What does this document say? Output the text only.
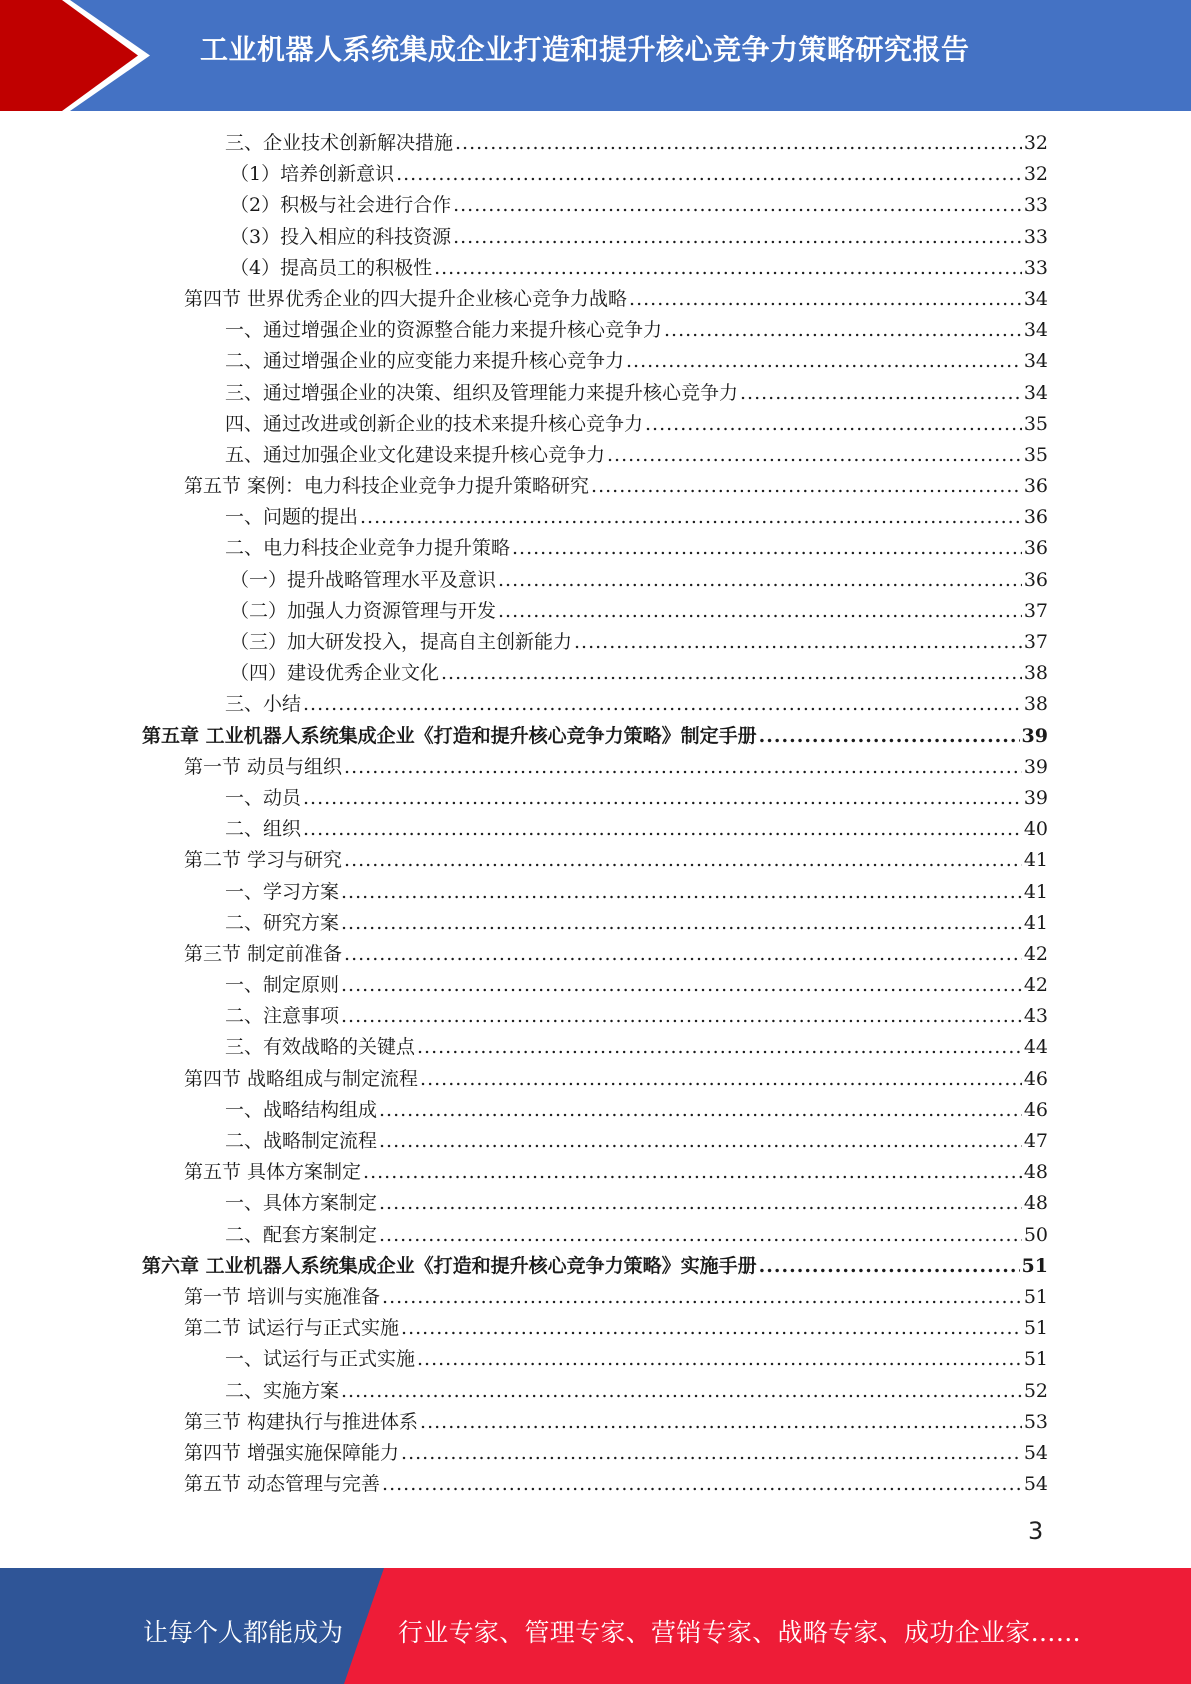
工业机器人系统集成企业打造和提升核心竞争力策略研究报告
三、企业技术创新解决措施 .....	32
（1）培养创新意识 .....	32
（2）积极与社会进行合作 .....	33
（3）投入相应的科技资源 .....	33
（4）提高员工的积极性 .....	33
第四节 世界优秀企业的四大提升企业核心竞争力战略 .....	34
一、通过增强企业的资源整合能力来提升核心竞争力 .....	34
二、通过增强企业的应变能力来提升核心竞争力 .....	34
三、通过增强企业的决策、组织及管理能力来提升核心竞争力 .....	34
四、通过改进或创新企业的技术来提升核心竞争力 .....	35
五、通过加强企业文化建设来提升核心竞争力 .....	35
第五节 案例：电力科技企业竞争力提升策略研究 .....	36
一、问题的提出 .....	36
二、电力科技企业竞争力提升策略 .....	36
（一）提升战略管理水平及意识 .....	36
（二）加强人力资源管理与开发 .....	37
（三）加大研发投入，提高自主创新能力 .....	37
（四）建设优秀企业文化 .....	38
三、小结 .....	38
第五章 工业机器人系统集成企业《打造和提升核心竞争力策略》制定手册 .....	39
第一节 动员与组织 .....	39
一、动员 .....	39
二、组织 .....	40
第二节 学习与研究 .....	41
一、学习方案 .....	41
二、研究方案 .....	41
第三节 制定前准备 .....	42
一、制定原则 .....	42
二、注意事项 .....	43
三、有效战略的关键点 .....	44
第四节 战略组成与制定流程 .....	46
一、战略结构组成 .....	46
二、战略制定流程 .....	47
第五节 具体方案制定 .....	48
一、具体方案制定 .....	48
二、配套方案制定 .....	50
第六章 工业机器人系统集成企业《打造和提升核心竞争力策略》实施手册 .....	51
第一节 培训与实施准备 .....	51
第二节 试运行与正式实施 .....	51
一、试运行与正式实施 .....	51
二、实施方案 .....	52
第三节 构建执行与推进体系 .....	53
第四节 增强实施保障能力 .....	54
第五节 动态管理与完善 .....	54
3
让每个人都能成为 行业专家、管理专家、营销专家、战略专家、成功企业家……
